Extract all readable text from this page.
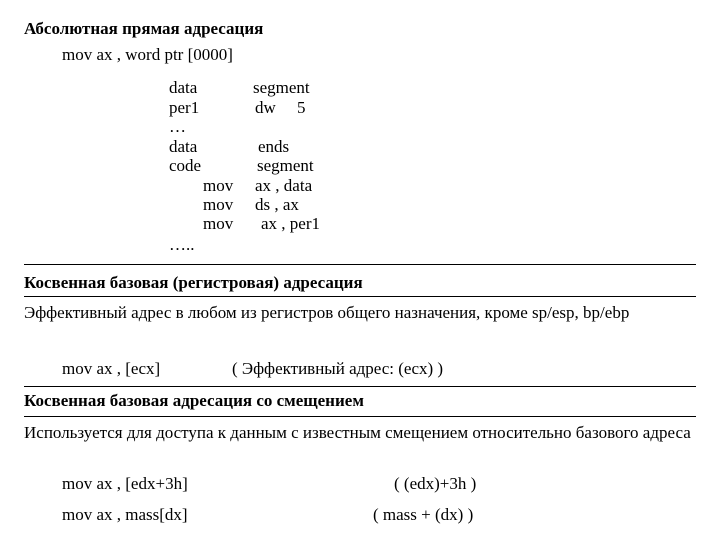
Абсолютная прямая адресация
mov ax , word ptr [0000]
data	segment
per1	dw     5
…
data	ends
code	segment
mov ax , data
mov ds , ax
mov ax , per1
…..
Косвенная базовая (регистровая) адресация
Эффективный адрес в любом из регистров общего назначения, кроме sp/esp, bp/ebp
mov ax , [ecx]	( Эффективный адрес: (ecx) )
Косвенная базовая адресация со смещением
Используется для доступа к данным с известным смещением относительно базового адреса
mov ax , [edx+3h]	( (edx)+3h )
mov ax , mass[dx]	( mass + (dx) )
